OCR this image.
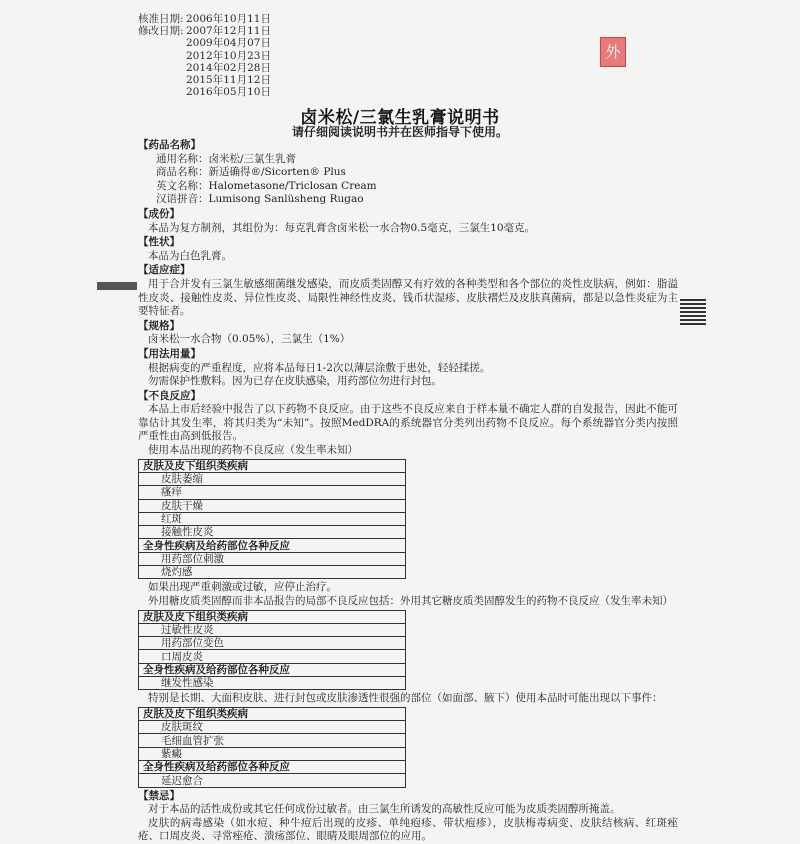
核准日期: 2006年10月11日
修改日期: 2007年12月11日
2009年04月07日
2012年10月23日
2014年02月28日
2015年11月12日
2016年05月10日
外
卤米松/三氯生乳膏说明书
请仔细阅读说明书并在医师指导下使用。
【药品名称】
通用名称：卤米松/三氯生乳膏
商品名称：新适确得®/Sicorten® Plus
英文名称：Halometasone/Triclosan Cream
汉语拼音：Lumisong Sanlüsheng Rugao
【成份】
本品为复方制剂，其组份为：每克乳膏含卤米松一水合物0.5毫克，三氯生10毫克。
【性状】
本品为白色乳膏。
【适应症】
用于合并发有三氯生敏感细菌继发感染，而皮质类固醇又有疗效的各种类型和各个部位的炎性皮肤病，例如：脂溢性皮炎、接触性皮炎、异位性皮炎、局限性神经性皮炎、钱币状湿疹、皮肤褶烂及皮肤真菌病，都是以急性炎症为主要特征者。
【规格】
卤米松一水合物（0.05%），三氯生（1%）
【用法用量】
根据病变的严重程度，应将本品每日1-2次以薄层涂敷于患处，轻轻揉搓。
勿需保护性敷料。因为已存在皮肤感染，用药部位勿进行封包。
【不良反应】
本品上市后经验中报告了以下药物不良反应。由于这些不良反应来自于样本量不确定人群的自发报告，因此不能可靠估计其发生率，将其归类为“未知”。按照MedDRA的系统器官分类列出药物不良反应。每个系统器官分类内按照严重性由高到低报告。
使用本品出现的药物不良反应（发生率未知）
皮肤及皮下组织类疾病
皮肤萎缩
瘙痒
皮肤干燥
红斑
接触性皮炎
全身性疾病及给药部位各种反应
用药部位刺激
烧灼感
如果出现严重刺激或过敏，应停止治疗。
外用糖皮质类固醇而非本品报告的局部不良反应包括：外用其它糖皮质类固醇发生的药物不良反应（发生率未知）
皮肤及皮下组织类疾病
过敏性皮炎
用药部位变色
口周皮炎
全身性疾病及给药部位各种反应
继发性感染
特别是长期、大面积皮肤、进行封包或皮肤渗透性很强的部位（如面部、腋下）使用本品时可能出现以下事件：
皮肤及皮下组织类疾病
皮肤斑纹
毛细血管扩张
紫癜
全身性疾病及给药部位各种反应
延迟愈合
【禁忌】
对于本品的活性成份或其它任何成份过敏者。由三氯生所诱发的高敏性反应可能为皮质类固醇所掩盖。
皮肤的病毒感染（如水痘、种牛痘后出现的皮疹、单纯疱疹、带状疱疹），皮肤梅毒病变、皮肤结核病、红斑痤疮、口周皮炎、寻常痤疮、溃疡部位、眼睛及眼周部位的应用。
